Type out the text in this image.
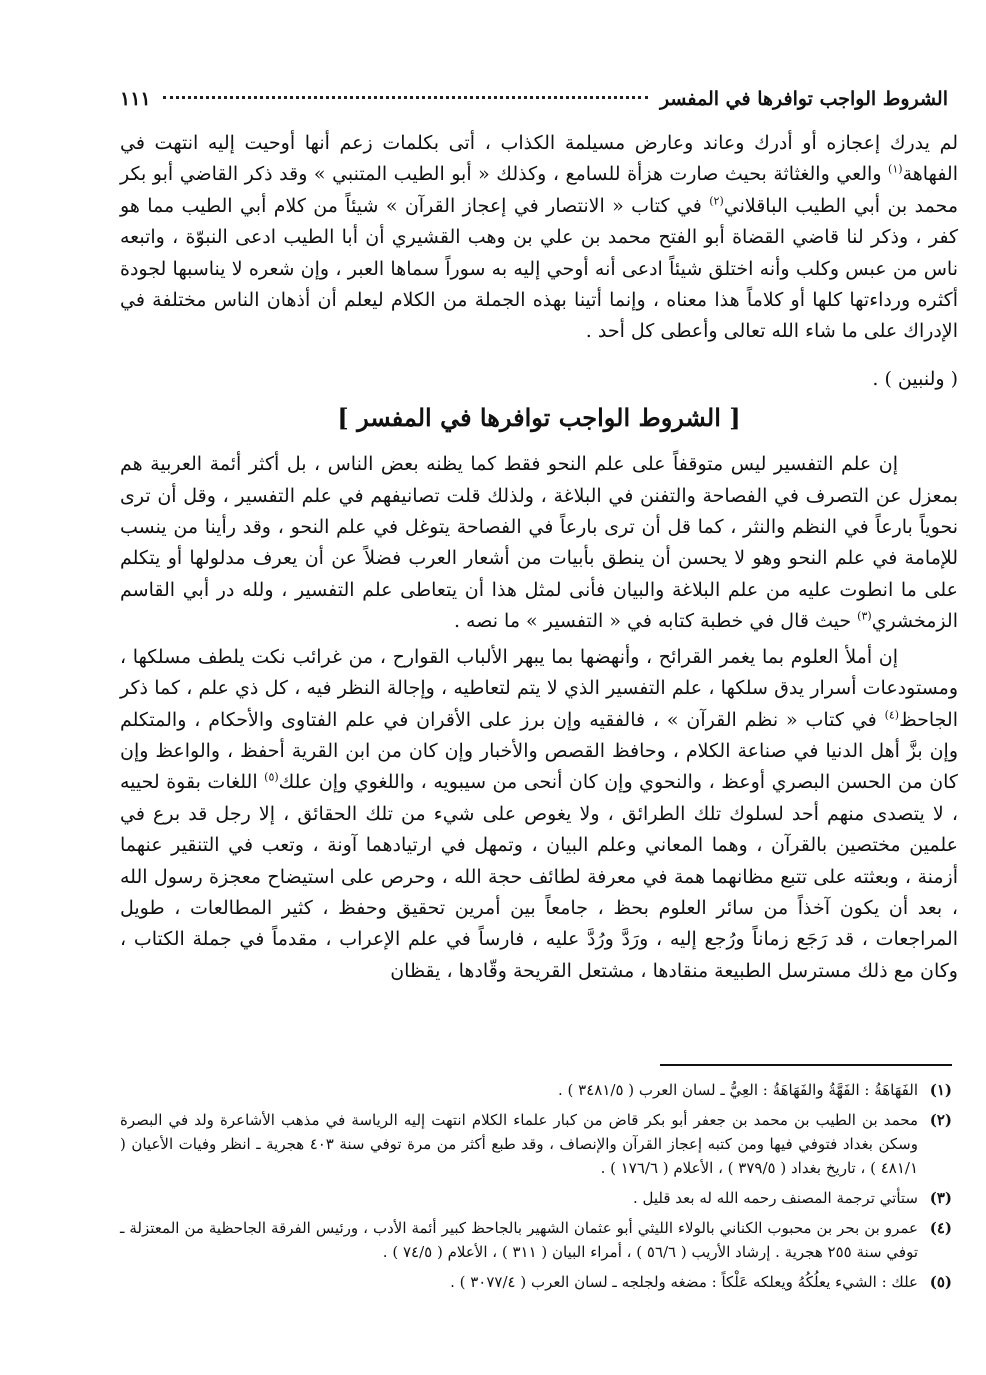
الشروط الواجب توافرها في المفسر
١١١

لم يدرك إعجازه أو أدرك وعاند وعارض مسيلمة الكذاب ، أتى بكلمات زعم أنها أوحيت إليه انتهت في الفهاهة$^{(١)}$ والعي والغثاثة بحيث صارت هزأة للسامع ، وكذلك « أبو الطيب المتنبي » وقد ذكر القاضي أبو بكر محمد بن أبي الطيب الباقلاني$^{(٢)}$ في كتاب « الانتصار في إعجاز القرآن » شيئاً من كلام أبي الطيب مما هو كفر ، وذكر لنا قاضي القضاة أبو الفتح محمد بن علي بن وهب القشيري أن أبا الطيب ادعى النبوّة ، واتبعه ناس من عبس وكلب وأنه اختلق شيئاً ادعى أنه أوحي إليه به سوراً سماها العبر ، وإن شعره لا يناسبها لجودة أكثره ورداءتها كلها أو كلاماً هذا معناه ، وإنما أتينا بهذه الجملة من الكلام ليعلم أن أذهان الناس مختلفة في الإدراك على ما شاء الله تعالى وأعطى كل أحد .

( ولنبين ) .

[ الشروط الواجب توافرها في المفسر ]

إن علم التفسير ليس متوقفاً على علم النحو فقط كما يظنه بعض الناس ، بل أكثر أئمة العربية هم بمعزل عن التصرف في الفصاحة والتفنن في البلاغة ، ولذلك قلت تصانيفهم في علم التفسير ، وقل أن ترى نحوياً بارعاً في النظم والنثر ، كما قل أن ترى بارعاً في الفصاحة يتوغل في علم النحو ، وقد رأينا من ينسب للإمامة في علم النحو وهو لا يحسن أن ينطق بأبيات من أشعار العرب فضلاً عن أن يعرف مدلولها أو يتكلم على ما انطوت عليه من علم البلاغة والبيان فأنى لمثل هذا أن يتعاطى علم التفسير ، ولله در أبي القاسم الزمخشري$^{(٣)}$ حيث قال في خطبة كتابه في « التفسير » ما نصه .

إن أملأ العلوم بما يغمر القرائح ، وأنهضها بما يبهر الألباب القوارح ، من غرائب نكت يلطف مسلكها ، ومستودعات أسرار يدق سلكها ، علم التفسير الذي لا يتم لتعاطيه ، وإجالة النظر فيه ، كل ذي علم ، كما ذكر الجاحظ$^{(٤)}$ في كتاب « نظم القرآن » ، فالفقيه وإن برز على الأقران في علم الفتاوى والأحكام ، والمتكلم وإن بزَّ أهل الدنيا في صناعة الكلام ، وحافظ القصص والأخبار وإن كان من ابن القرية أحفظ ، والواعظ وإن كان من الحسن البصري أوعظ ، والنحوي وإن كان أنحى من سيبويه ، واللغوي وإن علك$^{(٥)}$ اللغات بقوة لحييه ، لا يتصدى منهم أحد لسلوك تلك الطرائق ، ولا يغوص على شيء من تلك الحقائق ، إلا رجل قد برع في علمين مختصين بالقرآن ، وهما المعاني وعلم البيان ، وتمهل في ارتيادهما آونة ، وتعب في التنقير عنهما أزمنة ، وبعثته على تتبع مظانهما همة في معرفة لطائف حجة الله ، وحرص على استيضاح معجزة رسول الله ، بعد أن يكون آخذاً من سائر العلوم بحظ ، جامعاً بين أمرين تحقيق وحفظ ، كثير المطالعات ، طويل المراجعات ، قد رَجَع زماناً ورُجع إليه ، ورَدَّ ورُدَّ عليه ، فارساً في علم الإعراب ، مقدماً في جملة الكتاب ، وكان مع ذلك مسترسل الطبيعة منقادها ، مشتعل القريحة وقّادها ، يقظان

(١)
الفَهَاهَةُ : الفَهَّةُ والفَهَاهَةُ : العِيُّ ـ لسان العرب ( ٣٤٨١/٥ ) .
(٢)
محمد بن الطيب بن محمد بن جعفر أبو بكر قاض من كبار علماء الكلام انتهت إليه الرياسة في مذهب الأشاعرة ولد في البصرة وسكن بغداد فتوفي فيها ومن كتبه إعجاز القرآن والإنصاف ، وقد طبع أكثر من مرة توفي سنة ٤٠٣ هجرية ـ انظر وفيات الأعيان ( ٤٨١/١ ) ، تاريخ بغداد ( ٣٧٩/٥ ) ، الأعلام ( ١٧٦/٦ ) .
(٣)
ستأتي ترجمة المصنف رحمه الله له بعد قليل .
(٤)
عمرو بن بحر بن محبوب الكناني بالولاء الليثي أبو عثمان الشهير بالجاحظ كبير أئمة الأدب ، ورئيس الفرقة الجاحظية من المعتزلة ـ توفي سنة ٢٥٥ هجرية . إرشاد الأريب ( ٥٦/٦ ) ، أمراء البيان ( ٣١١ ) ، الأعلام ( ٧٤/٥ ) .
(٥)
علك : الشيء يعلُكُهُ ويعلكه عَلْكاً : مضغه ولجلجه ـ لسان العرب ( ٣٠٧٧/٤ ) .
